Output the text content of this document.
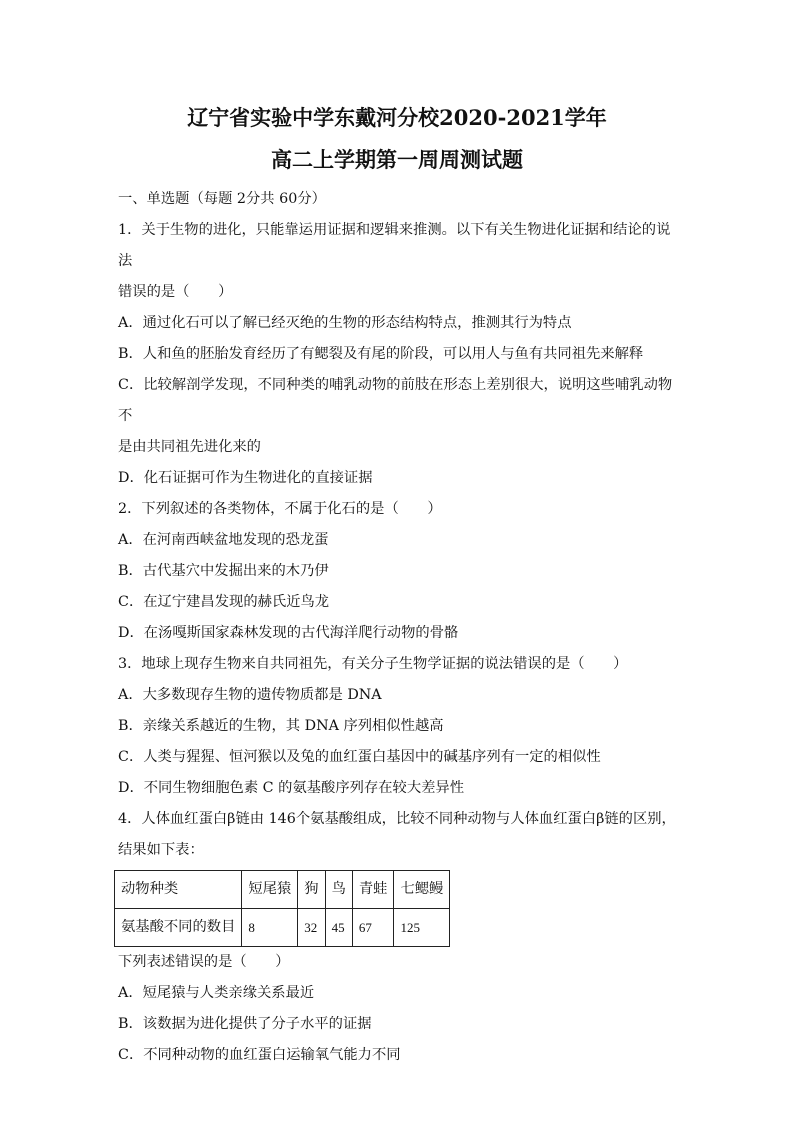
辽宁省实验中学东戴河分校2020-2021学年
高二上学期第一周周测试题

一、单选题（每题 2分共 60分）

1．关于生物的进化，只能靠运用证据和逻辑来推测。以下有关生物进化证据和结论的说法

错误的是（　　）

A．通过化石可以了解已经灭绝的生物的形态结构特点，推测其行为特点

B．人和鱼的胚胎发育经历了有鳃裂及有尾的阶段，可以用人与鱼有共同祖先来解释

C．比较解剖学发现，不同种类的哺乳动物的前肢在形态上差别很大，说明这些哺乳动物不

是由共同祖先进化来的

D．化石证据可作为生物进化的直接证据

2．下列叙述的各类物体，不属于化石的是（　　）

A．在河南西峡盆地发现的恐龙蛋

B．古代基穴中发掘出来的木乃伊

C．在辽宁建昌发现的赫氏近鸟龙

D．在汤嘎斯国家森林发现的古代海洋爬行动物的骨骼

3．地球上现存生物来自共同祖先，有关分子生物学证据的说法错误的是（　　）

A．大多数现存生物的遗传物质都是 DNA

B．亲缘关系越近的生物，其 DNA 序列相似性越高

C．人类与猩猩、恒河猴以及兔的血红蛋白基因中的碱基序列有一定的相似性

D．不同生物细胞色素 C 的氨基酸序列存在较大差异性

4．人体血红蛋白β链由 146个氨基酸组成，比较不同种动物与人体血红蛋白β链的区别，

结果如下表：

动物种类	短尾猿	狗	鸟	青蛙	七鳃鳗
氨基酸不同的数目	8	32	45	67	125

下列表述错误的是（　　）

A．短尾猿与人类亲缘关系最近

B．该数据为进化提供了分子水平的证据

C．不同种动物的血红蛋白运输氧气能力不同
